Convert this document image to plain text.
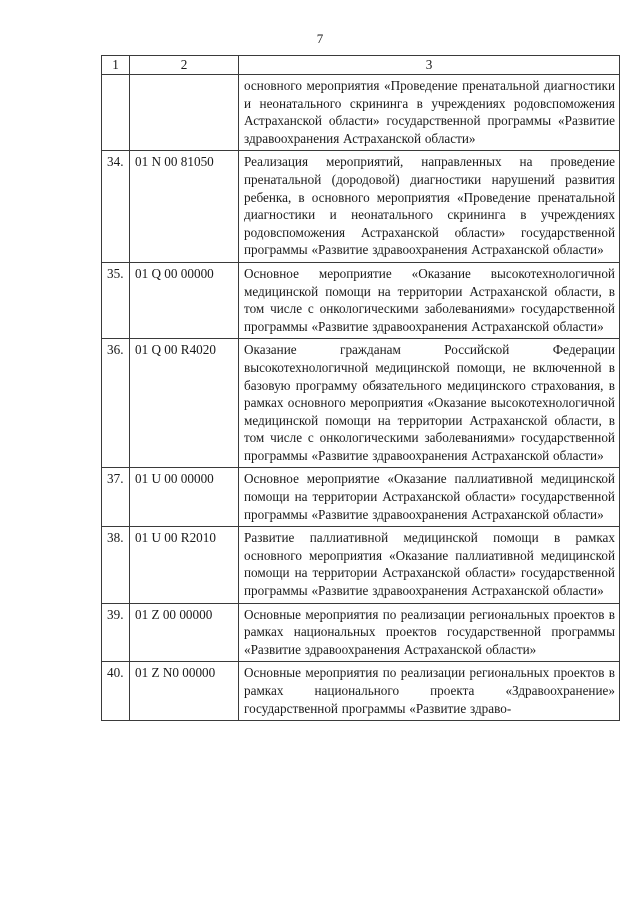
7
1	2	3
		основного мероприятия «Проведение пренатальной диагностики и неонатального скрининга в учреждениях родовспоможения Астраханской области» государственной программы «Развитие здравоохранения Астраханской области»
34.	01 N 00 81050	Реализация мероприятий, направленных на проведение пренатальной (дородовой) диагностики нарушений развития ребенка, в основного мероприятия «Проведение пренатальной диагностики и неонатального скрининга в учреждениях родовспоможения Астраханской области» государственной программы «Развитие здравоохранения Астраханской области»
35.	01 Q 00 00000	Основное мероприятие «Оказание высокотехнологичной медицинской помощи на территории Астраханской области, в том числе с онкологическими заболеваниями» государственной программы «Развитие здравоохранения Астраханской области»
36.	01 Q 00 R4020	Оказание гражданам Российской Федерации высокотехнологичной медицинской помощи, не включенной в базовую программу обязательного медицинского страхования, в рамках основного мероприятия «Оказание высокотехнологичной медицинской помощи на территории Астраханской области, в том числе с онкологическими заболеваниями» государственной программы «Развитие здравоохранения Астраханской области»
37.	01 U 00 00000	Основное мероприятие «Оказание паллиативной медицинской помощи на территории Астраханской области» государственной программы «Развитие здравоохранения Астраханской области»
38.	01 U 00 R2010	Развитие паллиативной медицинской помощи в рамках основного мероприятия «Оказание паллиативной медицинской помощи на территории Астраханской области» государственной программы «Развитие здравоохранения Астраханской области»
39.	01 Z 00 00000	Основные мероприятия по реализации региональных проектов в рамках национальных проектов государственной программы «Развитие здравоохранения Астраханской области»
40.	01 Z N0 00000	Основные мероприятия по реализации региональных проектов в рамках национального проекта «Здравоохранение» государственной программы «Развитие здраво-
